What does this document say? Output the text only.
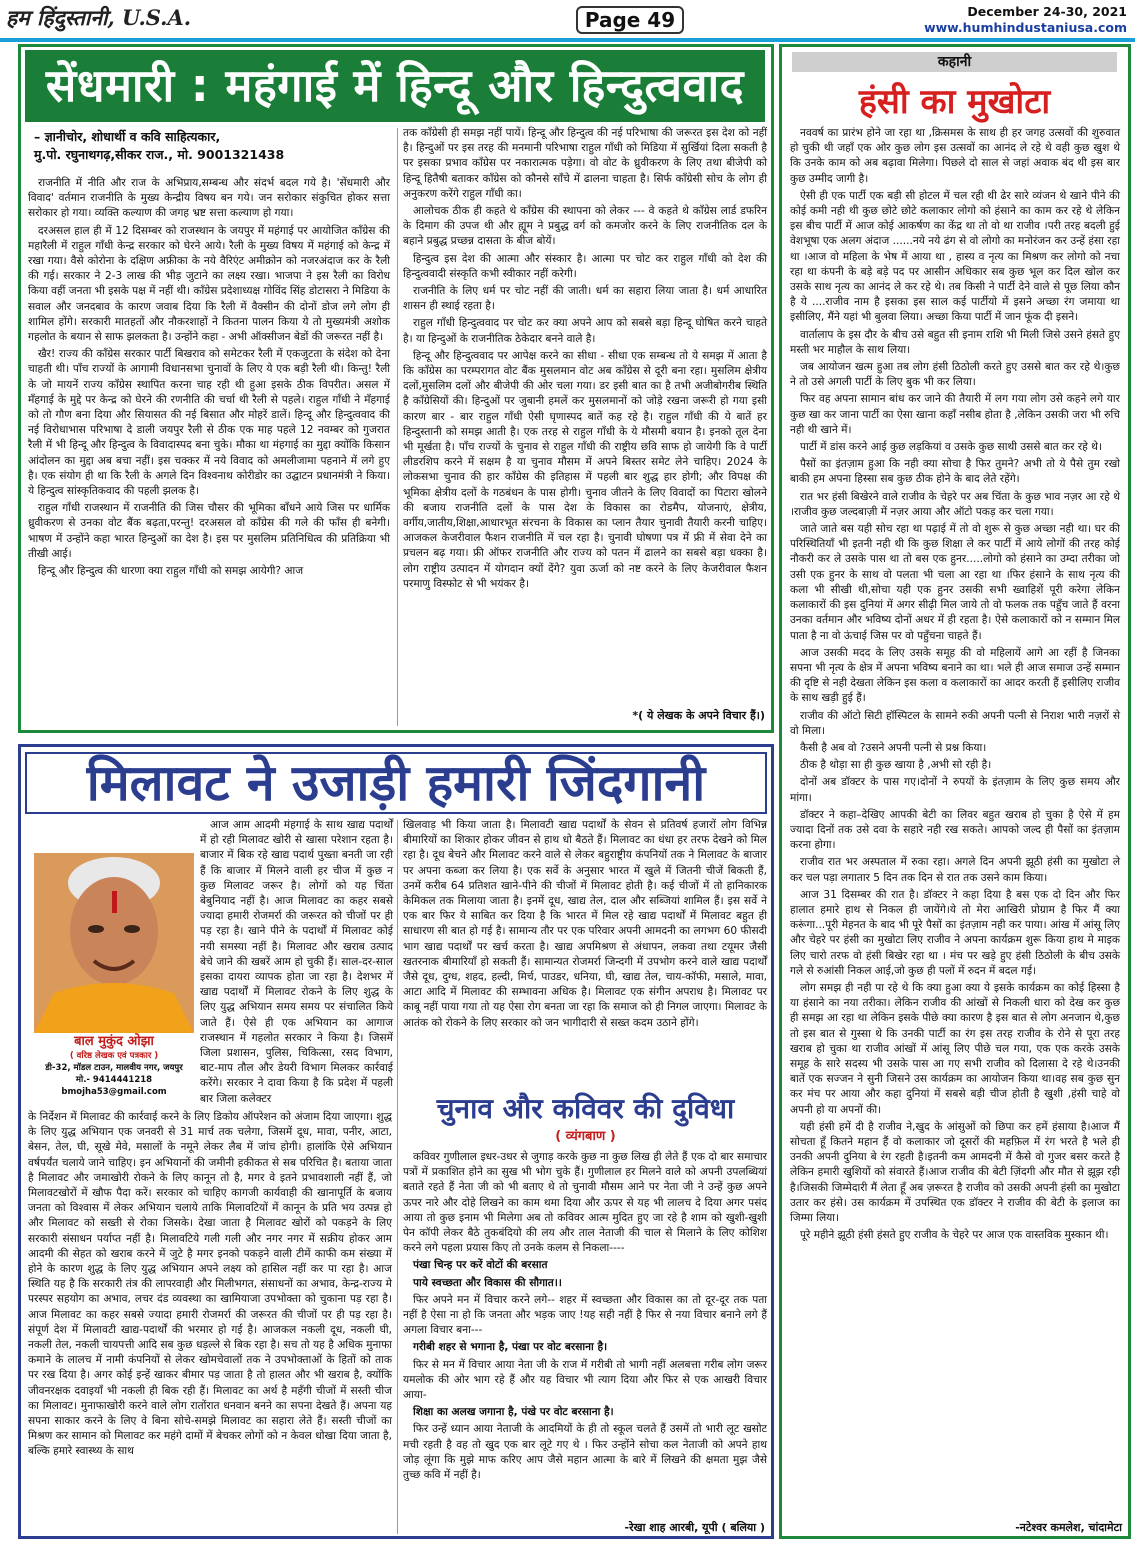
हम हिंदुस्तानी, U.S.A.	Page 49	December 24-30, 2021
www.humhindustaniusa.com
सेंधमारी : महंगाई में हिन्दू और हिन्दुत्ववाद
– ज्ञानीचोर, शोधार्थी व कवि साहित्यकार,
मु.पो. रघुनाथगढ़,सीकर राज., मो. 9001321438

राजनीति में नीति और राज के अभिप्राय,सम्बन्ध और संदर्भ बदल गये है। 'सेंधमारी और विवाद' वर्तमान राजनीति के मुख्य केन्द्रीय विषय बन गये। जन सरोकार संकुचित होकर सत्ता सरोकार हो गया। व्यक्ति कल्याण की जगह भ्रष्ट सत्ता कल्याण हो गया।

दरअसल हाल ही में 12 दिसम्बर को राजस्थान के जयपुर में महंगाई पर आयोजित कॉंग्रेस की महारैली में राहुल गाँधी केन्द्र सरकार को घेरने आये। रैली के मुख्य विषय में महंगाई को केन्द्र में रखा गया। वैसे कोरोना के दक्षिण अफ्रीका के नये वैरिएंट अमीक्रोन को नजरअंदाज कर के रैली की गई। सरकार ने 2-3 लाख की भीड़ जुटाने का लक्ष्य रखा। भाजपा ने इस रैली का विरोध किया वहीं जनता भी इसके पक्ष में नहीं थी। कॉंग्रेस प्रदेशाध्यक्ष गोविंद सिंह डोटासरा ने मिडिया के सवाल और जनदबाव के कारण जवाब दिया कि रैली में वैक्सीन की दोनों डोज लगे लोग ही शामिल होंगे। सरकारी मातहतों और नौकरशाहों ने कितना पालन किया ये तो मुख्यमंत्री अशोक गहलोत के बयान से साफ झलकता है। उन्होंने कहा - अभी ऑक्सीजन बेडों की जरूरत नहीं है।

खैर! राज्य की कॉंग्रेस सरकार पार्टी बिखराव को समेटकर रैली में एकजुटता के संदेश को देना चाहती थी। पाँच राज्यों के आगामी विधानसभा चुनावों के लिए ये एक बड़ी रैली थी। किन्तु! रैली के जो मायनें राज्य कॉंग्रेस स्थापित करना चाह रही थी हुआ इसके ठीक विपरीत। असल में मँहगाई के मुद्दे पर केन्द्र को घेरने की रणनीति की चर्चा थी रैली से पहले। राहुल गाँधी ने मँहगाई को तो गौण बना दिया और सियासत की नई बिसात और मोहरें डालें। हिन्दू और हिन्दुत्ववाद की नई विरोधाभास परिभाषा दे डाली जयपुर रैली से ठीक एक माह पहले 12 नवम्बर को गुजरात रैली में भी हिन्दू और हिन्दुत्व के विवादास्पद बना चुके। मौका था मंहगाई का मुद्दा क्योंकि किसान आंदोलन का मुद्दा अब बचा नहीं। इस चक्कर में नये विवाद को अमलीजामा पहनाने में लगे हुए है। एक संयोग ही था कि रैली के अगले दिन विश्वनाथ कोरीडोर का उद्घाटन प्रधानमंत्री ने किया। ये हिन्दुत्व सांस्कृतिकवाद की पहली झलक है।

राहुल गाँधी राजस्थान में राजनीति की जिस चौसर की भूमिका बाँधने आये जिस पर धार्मिक ध्रुवीकरण से उनका वोट बैंक बढ़ता,परन्तु! दरअसल वो कॉंग्रेस की गले की फाँस ही बनेगी। भाषण में उन्होंने कहा भारत हिन्दुओं का देश है। इस पर मुसलिम प्रतिनिधित्व की प्रतिक्रिया भी तीखी आई।

हिन्दू और हिन्दुत्व की धारणा क्या राहुल गाँधी को समझ आयेगी? आज

तक कॉंग्रेसी ही समझ नहीं पायें। हिन्दू और हिन्दुत्व की नई परिभाषा की जरूरत इस देश को नहीं है। हिन्दुओं पर इस तरह की मनमानी परिभाषा राहुल गाँधी को मिडिया में सुर्खियां दिला सकती है पर इसका प्रभाव कॉंग्रेस पर नकारात्मक पड़ेगा। वो वोट के ध्रुवीकरण के लिए तथा बीजेपी को हिन्दू हितैषी बताकर कॉंग्रेस को कौनसे साँचे में ढालना चाहता है। सिर्फ कॉंग्रेसी सोच के लोग ही अनुकरण करेंगे राहुल गाँधी का।

आलोचक ठीक ही कहते थे कॉंग्रेस की स्थापना को लेकर --- वे कहते थे कॉंग्रेस लार्ड डफरिन के दिमाग की उपज थी और ह्यूम ने प्रबुद्ध वर्ग को कमजोर करने के लिए राजनीतिक दल के बहाने प्रबुद्ध प्रच्छन्न दासता के बीज बोयें।

हिन्दुत्व इस देश की आत्मा और संस्कार है। आत्मा पर चोट कर राहुल गाँधी को देश की हिन्दुत्ववादी संस्कृति कभी स्वीकार नहीं करेगी।

राजनीति के लिए धर्म पर चोट नहीं की जाती। धर्म का सहारा लिया जाता है। धर्म आधारित शासन ही स्थाई रहता है।

राहुल गाँधी हिन्दुत्ववाद पर चोट कर क्या अपने आप को सबसे बड़ा हिन्दू घोषित करने चाहते है। या हिन्दुओं के राजनीतिक ठेकेदार बनने वाले है।

हिन्दू और हिन्दुत्ववाद पर आपेक्ष करने का सीधा - सीधा एक सम्बन्ध तो ये समझ में आता है कि कॉंग्रेस का परम्परागत वोट बैंक मुसलमान वोट अब कॉंग्रेस से दूरी बना रहा। मुसलिम क्षेत्रीय दलों,मुसलिम दलों और बीजेपी की ओर चला गया। डर इसी बात का है तभी अजीबोगरीब स्थिति है कॉंग्रेसियों की। हिन्दुओं पर जुबानी हमलें कर मुसलमानों को जोड़े रखना जरूरी हो गया इसी कारण बार - बार राहुल गाँधी ऐसी घृणास्पद बातें कह रहे है। राहुल गाँधी की ये बातें हर हिन्दुस्तानी को समझ आती है। एक तरह से राहुल गाँधी के ये मौसमी बयान है। इनको तूल देना भी मूर्खता है। पाँच राज्यों के चुनाव से राहुल गाँधी की राष्ट्रीय छवि साफ हो जायेगी कि वे पार्टी लीडरशिप करने में सक्षम है या चुनाव मौसम में अपने बिस्तर समेट लेने चाहिए। 2024 के लोकसभा चुनाव की हार कॉंग्रेस की इतिहास में पहली बार शुद्ध हार होगी; और विपक्ष की भूमिका क्षेत्रीय दलों के गठबंधन के पास होगी। चुनाव जीतने के लिए विवादों का पिटारा खोलने की बजाय राजनीति दलों के पास देश के विकास का रोडमैप, योजनाएं, क्षेत्रीय, वर्गीय,जातीय,शिक्षा,आधारभूत संरचना के विकास का प्लान तैयार चुनावी तैयारी करनी चाहिए। आजकल केजरीवाल फैशन राजनीति में चल रहा है। चुनावी घोषणा पत्र में फ्री में सेवा देने का प्रचलन बढ़ गया। फ्री ऑफर राजनीति और राज्य को पतन में ढालने का सबसे बड़ा धक्का है। लोग राष्ट्रीय उत्पादन में योगदान क्यों देंगे? युवा ऊर्जा को नष्ट करने के लिए केजरीवाल फैशन परमाणु विस्फोट से भी भयंकर है।

*( ये लेखक के अपने विचार हैं।)
कहानी
हंसी का मुखोटा

नववर्ष का प्रारंभ होने जा रहा था ,क्रिसमस के साथ ही हर जगह उत्सवों की शुरुवात हो चुकी थी जहाँ एक ओर कुछ लोग इस उत्सवों का आनंद ले रहे थे वही कुछ खुश थे कि उनके काम को अब बढ़ावा मिलेगा। पिछले दो साल से जहां अवाक बंद थी इस बार कुछ उम्मीद जागी है।

ऐसी ही एक पार्टी एक बड़ी सी होटल में चल रही थी ढेर सारे व्यंजन थे खाने पीने की कोई कमी नही थी कुछ छोटे छोटे कलाकार लोगो को हंसाने का काम कर रहे थे लेकिन इस बीच पार्टी में आज कोई आकर्षण का केंद्र था तो वो था राजीव ।परी तरह बदली हुई वेशभूषा एक अलग अंदाज ......नये नये ढंग से वो लोगो का मनोरंजन कर उन्हें हंसा रहा था ।आज वो महिला के भेष में आया था , हास्य व नृत्य का मिश्रण कर लोगो को नचा रहा था कंपनी के बड़े बड़े पद पर आसीन अधिकार सब कुछ भूल कर दिल खोल कर उसके साथ नृत्य का आनंद ले कर रहे थे। तब किसी ने पार्टी देने वाले से पूछ लिया कौन है ये ....राजीव नाम है इसका इस साल कई पार्टीयो में इसने अच्छा रंग जमाया था इसीलिए, मैंने यहां भी बुलवा लिया। अच्छा किया पार्टी में जान फूंक दी इसने।

वार्तालाप के इस दौर के बीच उसे बहुत सी इनाम राशि भी मिली जिसे उसने हंसते हुए मस्ती भर माहौल के साथ लिया।

जब आयोजन खत्म हुआ तब लोग हंसी ठिठोली करते हुए उससे बात कर रहे थे।कुछ ने तो उसे अगली पार्टी के लिए बुक भी कर लिया।

फिर वह अपना सामान बांध कर जाने की तैयारी में लग गया लोग उसे कहने लगे यार कुछ खा कर जाना पार्टी का ऐसा खाना कहाँ नसीब होता है ,लेकिन उसकी जरा भी रुचि नही थी खाने में।

पार्टी में डांस करने आई कुछ लड़कियां व उसके कुछ साथी उससे बात कर रहे थे।

पैसों का इंतज़ाम हुआ कि नही क्या सोचा है फिर तुमने? अभी तो ये पैसे तुम रखो बाकी हम अपना हिस्सा सब कुछ ठीक होने के बाद लेते रहेंगे।

रात भर हंसी बिखेरने वाले राजीव के चेहरे पर अब चिंता के कुछ भाव नज़र आ रहे थे ।राजीव कुछ जल्दबाज़ी में नज़र आया और ऑटो पकड़ कर चला गया।

जाते जाते बस यही सोच रहा था पढ़ाई में तो वो शुरू से कुछ अच्छा नही था। घर की परिस्थितियाँ भी इतनी नही थी कि कुछ शिक्षा ले कर पार्टी में आये लोगों की तरह कोई नौकरी कर ले उसके पास था तो बस एक हुनर.....लोगो को हंसाने का उम्दा तरीका जो उसी एक हुनर के साथ वो पलता भी चला आ रहा था ।फिर हंसाने के साथ नृत्य की कला भी सीखी थी,सोचा यही एक हुनर उसकी सभी ख्वाहिशें पूरी करेगा लेकिन कलाकारों की इस दुनियां में अगर सीढ़ी मिल जाये तो वो फलक तक पहुँच जाते हैं वरना उनका वर्तमान और भविष्य दोनों अधर में ही रहता है। ऐसे कलाकारों को न सम्मान मिल पाता है ना वो ऊंचाई जिस पर वो पहुँचना चाहते हैं।

आज उसकी मदद के लिए उसके समूह की वो महिलायें आगे आ रहीं है जिनका सपना भी नृत्य के क्षेत्र में अपना भविष्य बनाने का था। भले ही आज समाज उन्हें सम्मान की दृष्टि से नही देखता लेकिन इस कला व कलाकारों का आदर करती हैं इसीलिए राजीव के साथ खड़ी हुई हैं।

राजीव की ऑटो सिटी हॉस्पिटल के सामने रुकी अपनी पत्नी से निराश भारी नज़रों से वो मिला।

कैसी है अब वो ?उसने अपनी पत्नी से प्रश्न किया।

ठीक है थोड़ा सा ही कुछ खाया है ,अभी सो रही है।

दोनों अब डॉक्टर के पास गए।दोनों ने रुपयों के इंतज़ाम के लिए कुछ समय और मांगा।

डॉक्टर ने कहा–देखिए आपकी बेटी का लिवर बहुत खराब हो चुका है ऐसे में हम ज्यादा दिनों तक उसे दवा के सहारे नही रख सकते। आपको जल्द ही पैसों का इंतज़ाम करना होगा।

राजीव रात भर अस्पताल में रुका रहा। अगले दिन अपनी झूठी हंसी का मुखोटा ले कर चल पड़ा लगातार 5 दिन तक दिन से रात तक उसने काम किया।

आज 31 दिसम्बर की रात है। डॉक्टर ने कहा दिया है बस एक दो दिन और फिर हालात हमारे हाथ से निकल ही जायेंगे।ये तो मेरा आखिरी प्रोग्राम है फिर मैं क्या करूंगा...पूरी मेहनत के बाद भी पूरे पैसों का इंतज़ाम नही कर पाया। आंख में आंसू लिए और चेहरे पर हंसी का मुखोटा लिए राजीव ने अपना कार्यक्रम शुरू किया हाथ मे माइक लिए चारो तरफ वो हंसी बिखेर रहा था । मंच पर खड़े हुए हंसी ठिठोली के बीच उसके गले से रुआंसी निकल आई,जो कुछ ही पलों में रुदन में बदल गई।

लोग समझ ही नही पा रहे थे कि क्या हुआ क्या ये इसके कार्यक्रम का कोई हिस्सा है या हंसाने का नया तरीका। लेकिन राजीव की आंखों से निकली धारा को देख कर कुछ ही समझ आ रहा था लेकिन इसके पीछे क्या कारण है इस बात से लोग अनजान थे,कुछ तो इस बात से गुस्सा थे कि उनकी पार्टी का रंग इस तरह राजीव के रोने से पूरा तरह खराब हो चुका था राजीव आंखों में आंसू लिए पीछे चल गया, एक एक करके उसके समूह के सारे सदस्य भी उसके पास आ गए सभी राजीव को दिलासा दे रहे थे।उनकी बातें एक सज्जन ने सुनी जिसने उस कार्यक्रम का आयोजन किया था।वह सब कुछ सुन कर मंच पर आया और कहा दुनियां में सबसे बड़ी चीज होती है खुशी ,हंसी चाहे वो अपनी हो या अपनों की।

यही हंसी हमें दी है राजीव ने,खुद के आंसुओं को छिपा कर हमें हंसाया है।आज मैं सोचता हूँ कितने महान हैं वो कलाकार जो दूसरों की महफ़िल में रंग भरते है भले ही उनकी अपनी दुनिया बे रंग रहती है।इतनी कम आमदनी में कैसे वो गुजर बसर करते है लेकिन हमारी खुशियों को संवारते हैं।आज राजीव की बेटी ज़िंदगी और मौत से झूझ रही है।जिसकी जिम्मेदारी मैं लेता हूँ अब ज़रूरत है राजीव को उसकी अपनी हंसी का मुखोटा उतार कर हंसे। उस कार्यक्रम में उपस्थित एक डॉक्टर ने राजीव की बेटी के इलाज का जिम्मा लिया।

पूरे महीने झूठी हंसी हंसते हुए राजीव के चेहरे पर आज एक वास्तविक मुस्कान थी।

-नटेश्वर कमलेश, चांदामेटा
मिलावट ने उजाड़ी हमारी जिंदगानी
बाल मुकुंद ओझा
( वरिष्ठ लेखक एवं पत्रकार )
डी-32, मॉडल टाउन, मालवीय नगर, जयपुर
मो.- 9414441218
bmojha53@gmail.com

आज आम आदमी मंहगाई के साथ खाद्य पदार्थों में हो रही मिलावट खोरी से खासा परेशान रहता है। बाजार में बिक रहे खाद्य पदार्थ पुख्ता बनती जा रही हैं कि बाजार में मिलने वाली हर चीज में कुछ न कुछ मिलावट जरूर है। लोगों को यह चिंता बेबुनियाद नहीं है। आज मिलावट का कहर सबसे ज्यादा हमारी रोजमर्रा की जरूरत को चीजों पर ही पड़ रहा है। खाने पीने के पदार्थों में मिलावट कोई नयी समस्या नहीं है। मिलावट और खराब उत्पाद बेचे जाने की खबरें आम हो चुकी हैं। साल-दर-साल इसका दायरा व्यापक होता जा रहा है। देशभर में खाद्य पदार्थों में मिलावट रोकने के लिए शुद्ध के लिए युद्ध अभियान समय समय पर संचालित किये जाते हैं। ऐसे ही एक अभियान का आगाज राजस्थान में गहलोत सरकार ने किया है। जिसमें जिला प्रशासन, पुलिस, चिकित्सा, रसद विभाग, बाट-माप तौल और डेयरी विभाग मिलकर कार्रवाई करेंगे। सरकार ने दावा किया है कि प्रदेश में पहली बार जिला कलेक्टर

के निर्देशन में मिलावट की कार्रवाई करने के लिए डिकोय ऑपरेशन को अंजाम दिया जाएगा। शुद्ध के लिए युद्ध अभियान एक जनवरी से 31 मार्च तक चलेगा, जिसमें दूध, मावा, पनीर, आटा, बेसन, तेल, घी, सूखे मेवे, मसालों के नमूने लेकर लैब में जांच होगी। हालांकि ऐसे अभियान वर्षपर्यंत चलाये जाने चाहिए। इन अभियानों की जमीनी हकीकत से सब परिचित है। बताया जाता है मिलावट और जमाखोरी रोकने के लिए कानून तो है, मगर वे इतने प्रभावशाली नहीं हैं, जो मिलावटखोरों में खौफ पैदा करें। सरकार को चाहिए कागजी कार्यवाही की खानापूर्ति के बजाय जनता को विश्वास में लेकर अभियान चलाये ताकि मिलावटियों में कानून के प्रति भय उत्पन्न हो और मिलावट को सख्ती से रोका जिसके। देखा जाता है मिलावट खोरों को पकड़ने के लिए सरकारी संसाधन पर्याप्त नहीं है। मिलावटिये गली गली और नगर नगर में सक्रीय होकर आम आदमी की सेहत को खराब करने में जुटे है मगर इनको पकड़ने वाली टीमें काफी कम संख्या में होने के कारण शुद्ध के लिए युद्ध अभियान अपने लक्ष्य को हासिल नहीं कर पा रहा है। आज स्थिति यह है कि सरकारी तंत्र की लापरवाही और मिलीभगत, संसाधनों का अभाव, केन्द्र-राज्य मे परस्पर सहयोग का अभाव, लचर दंड व्यवस्था का खामियाजा उपभोक्ता को चुकाना पड़ रहा है। आज मिलावट का कहर सबसे ज्यादा हमारी रोजमर्रा की जरूरत की चीजों पर ही पड़ रहा है। संपूर्ण देश में मिलावटी खाद्य-पदार्थों की भरमार हो गई है। आजकल नकली दूध, नकली घी, नकली तेल, नकली चायपत्ती आदि सब कुछ धड़ल्ले से बिक रहा है। सच तो यह है अधिक मुनाफा कमाने के लालच में नामी कंपनियों से लेकर खोमचेवालों तक ने उपभोक्ताओं के हितों को ताक पर रख दिया है। अगर कोई इन्हें खाकर बीमार पड़ जाता है तो हालत और भी खराब है, क्योंकि जीवनरक्षक दवाइयाँ भी नकली ही बिक रही हैं। मिलावट का अर्थ है महँगी चीजों में सस्ती चीज का मिलावट। मुनाफाखोरी करने वाले लोग रातोंरात धनवान बनने का सपना देखते हैं। अपना यह सपना साकार करने के लिए वे बिना सोचे-समझे मिलावट का सहारा लेते हैं। सस्ती चीजों का मिश्रण कर सामान को मिलावट कर महंगे दामों में बेचकर लोगों को न केवल धोखा दिया जाता है, बल्कि हमारे स्वास्थ्य के साथ

खिलवाड़ भी किया जाता है। मिलावटी खाद्य पदार्थों के सेवन से प्रतिवर्ष हजारों लोग विभिन्न बीमारियों का शिकार होकर जीवन से हाथ धो बैठते हैं। मिलावट का धंधा हर तरफ देखने को मिल रहा है। दूध बेचने और मिलावट करने वाले से लेकर बहुराष्ट्रीय कंपनियों तक ने मिलावट के बाजार पर अपना कब्जा कर लिया है। एक सर्वे के अनुसार भारत में खुले में जितनी चीजें बिकती हैं, उनमें करीब 64 प्रतिशत खाने-पीने की चीजों में मिलावट होती है। कई चीजों में तो हानिकारक केमिकल तक मिलाया जाता है। इनमें दूध, खाद्य तेल, दाल और सब्जियां शामिल हैं। इस सर्वे ने एक बार फिर ये साबित कर दिया है कि भारत में मिल रहे खाद्य पदार्थों में मिलावट बहुत ही साधारण सी बात हो गई है। सामान्य तौर पर एक परिवार अपनी आमदनी का लगभग 60 फीसदी भाग खाद्य पदार्थों पर खर्च करता है। खाद्य अपमिश्रण से अंधापन, लकवा तथा टयूमर जैसी खतरनाक बीमारियाँ हो सकती हैं। सामान्यत रोजमर्रा जिन्दगी में उपभोग करने वाले खाद्य पदार्थों जैसे दूध, दुग्ध, शहद, हल्दी, मिर्च, पाउडर, धनिया, घी, खाद्य तेल, चाय-कॉफी, मसाले, मावा, आटा आदि में मिलावट की सम्भावना अधिक है। मिलावट एक संगीन अपराध है। मिलावट पर काबू नहीं पाया गया तो यह ऐसा रोग बनता जा रहा कि समाज को ही निगल जाएगा। मिलावट के आतंक को रोकने के लिए सरकार को जन भागीदारी से सख्त कदम उठाने होंगे।

चुनाव और कविवर की दुविधा
( व्यंगबाण )

कविवर गुणीलाल इधर-उधर से जुगाड़ करके कुछ ना कुछ लिख ही लेते हैं एक दो बार समाचार पत्रों में प्रकाशित होने का सुख भी भोग चुके हैं। गुणीलाल हर मिलने वाले को अपनी उपलब्धियां बताते रहते हैं नेता जी को भी बताए थे तो चुनावी मौसम आने पर नेता जी ने उन्हें कुछ अपने ऊपर नारे और दोहे लिखने का काम थमा दिया और ऊपर से यह भी लालच दे दिया अगर पसंद आया तो कुछ इनाम भी मिलेगा अब तो कविवर आत्म मुदित हुए जा रहे है शाम को खुशी-खुशी पेन कॉपी लेकर बैठे तुकबंदियो की लय और ताल नेताजी की चाल से मिलाने के लिए कोशिश करने लगे पहला प्रयास किए तो उनके कलम से निकला----

पंखा चिन्ह पर करें वोटों की बरसात

पाये स्वच्छता और विकास की सौगात।।

फिर अपने मन में विचार करने लगे-- शहर में स्वच्छता और विकास का तो दूर-दूर तक पता नहीं है ऐसा ना हो कि जनता और भड़क जाए !यह सही नहीं है फिर से नया विचार बनाने लगे हैं अगला विचार बना---

गरीबी शहर से भगाना है, पंखा पर वोट बरसाना है।

फिर से मन में विचार आया नेता जी के राज में गरीबी तो भागी नहीं अलबत्ता गरीब लोग जरूर यमलोक की ओर भाग रहे हैं और यह विचार भी त्याग दिया और फिर से एक आखरी विचार आया-

शिक्षा का अलख जगाना है, पंखे पर वोट बरसाना है।

फिर उन्हें ध्यान आया नेताजी के आदमियों के ही तो स्कूल चलते हैं उसमें तो भारी लूट खसोट मची रहती है वह तो खुद एक बार लूटे गए थे । फिर उन्होंने सोचा कल नेताजी को अपने हाथ जोड़ लूंगा कि मुझे माफ करिए आप जैसे महान आत्मा के बारे में लिखने की क्षमता मुझ जैसे तुच्छ कवि में नहीं है।

-रेखा शाह आरबी, यूपी ( बलिया )
